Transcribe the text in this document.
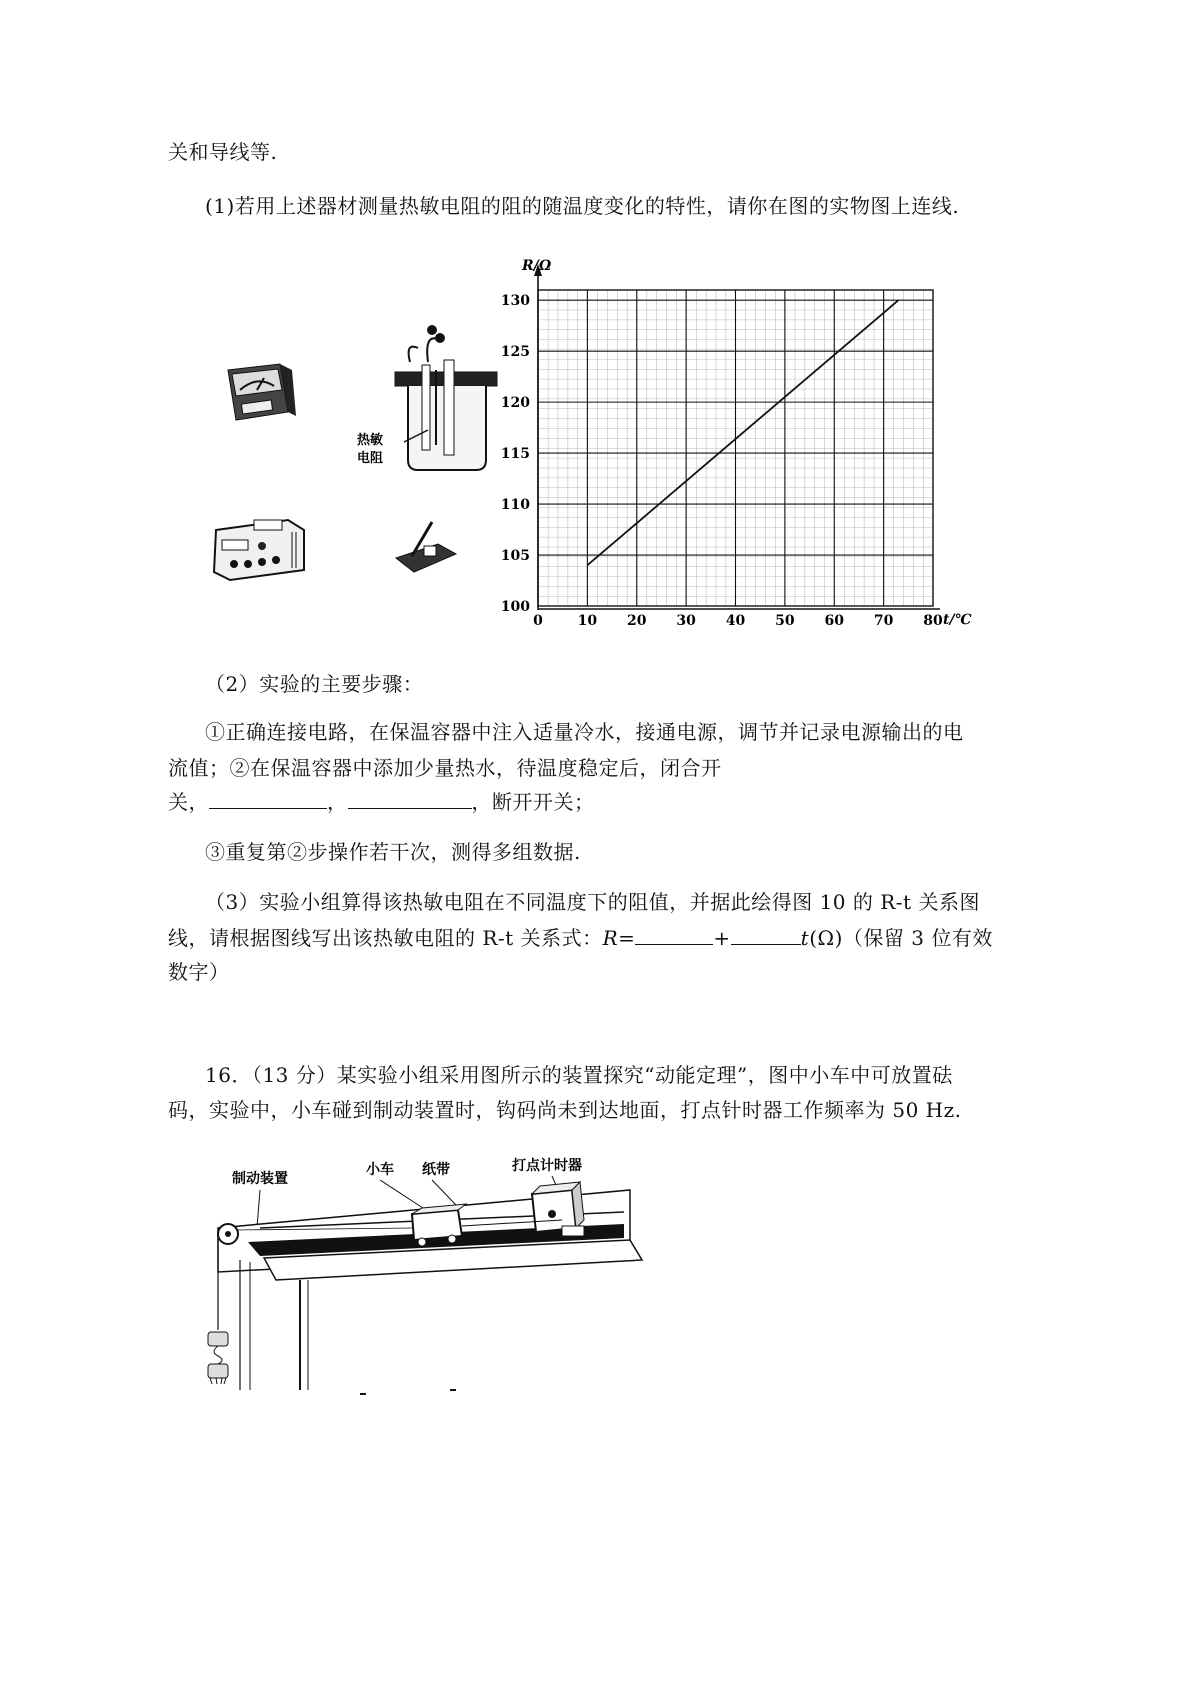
关和导线等.
(1)若用上述器材测量热敏电阻的阻的随温度变化的特性，请你在图的实物图上连线.
热敏
电阻
0 10 20 30 40 50 60 70 80
100
105
110
115
120
125
130
R/Ω
t/℃
（2）实验的主要步骤：
①正确连接电路，在保温容器中注入适量冷水，接通电源，调节并记录电源输出的电
流值；②在保温容器中添加少量热水，待温度稳定后，闭合开
关，	，	，断开开关；
③重复第②步操作若干次，测得多组数据.
（3）实验小组算得该热敏电阻在不同温度下的阻值，并据此绘得图 10 的 R-t 关系图
线，请根据图线写出该热敏电阻的 R-t 关系式：R=	+	t(Ω)（保留 3 位有效
数字）
16．（13 分）某实验小组采用图所示的装置探究“动能定理”，图中小车中可放置砝
码，实验中，小车碰到制动装置时，钩码尚未到达地面，打点针时器工作频率为 50 Hz.
制动装置
小车 纸带	打点计时器
